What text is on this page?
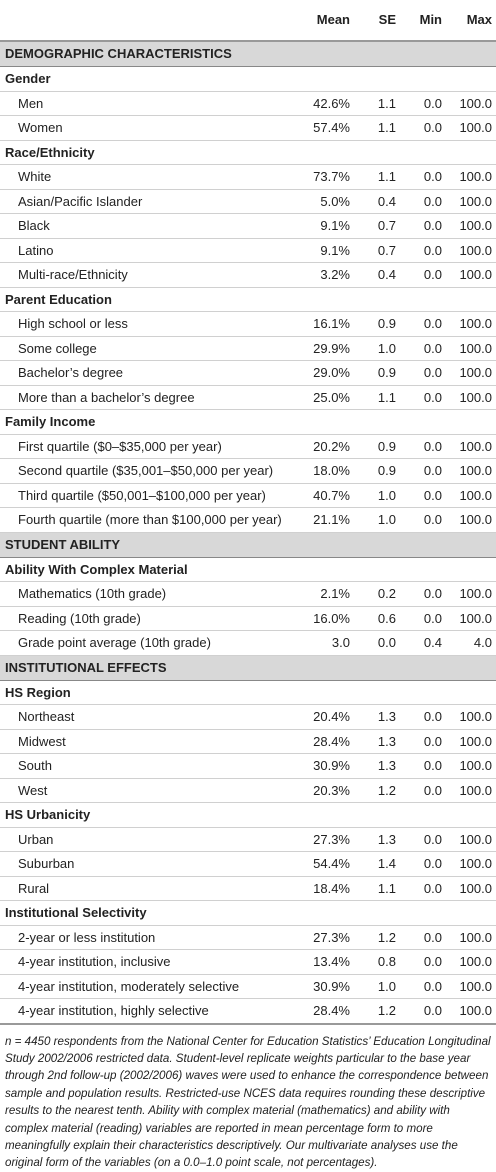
	Mean	SE	Min	Max
DEMOGRAPHIC CHARACTERISTICS				
Gender				
Men	42.6%	1.1	0.0	100.0
Women	57.4%	1.1	0.0	100.0
Race/Ethnicity				
White	73.7%	1.1	0.0	100.0
Asian/Pacific Islander	5.0%	0.4	0.0	100.0
Black	9.1%	0.7	0.0	100.0
Latino	9.1%	0.7	0.0	100.0
Multi-race/Ethnicity	3.2%	0.4	0.0	100.0
Parent Education				
High school or less	16.1%	0.9	0.0	100.0
Some college	29.9%	1.0	0.0	100.0
Bachelor’s degree	29.0%	0.9	0.0	100.0
More than a bachelor’s degree	25.0%	1.1	0.0	100.0
Family Income				
First quartile ($0–$35,000 per year)	20.2%	0.9	0.0	100.0
Second quartile ($35,001–$50,000 per year)	18.0%	0.9	0.0	100.0
Third quartile ($50,001–$100,000 per year)	40.7%	1.0	0.0	100.0
Fourth quartile (more than $100,000 per year)	21.1%	1.0	0.0	100.0
STUDENT ABILITY				
Ability With Complex Material				
Mathematics (10th grade)	2.1%	0.2	0.0	100.0
Reading (10th grade)	16.0%	0.6	0.0	100.0
Grade point average (10th grade)	3.0	0.0	0.4	4.0
INSTITUTIONAL EFFECTS				
HS Region				
Northeast	20.4%	1.3	0.0	100.0
Midwest	28.4%	1.3	0.0	100.0
South	30.9%	1.3	0.0	100.0
West	20.3%	1.2	0.0	100.0
HS Urbanicity				
Urban	27.3%	1.3	0.0	100.0
Suburban	54.4%	1.4	0.0	100.0
Rural	18.4%	1.1	0.0	100.0
Institutional Selectivity				
2-year or less institution	27.3%	1.2	0.0	100.0
4-year institution, inclusive	13.4%	0.8	0.0	100.0
4-year institution, moderately selective	30.9%	1.0	0.0	100.0
4-year institution, highly selective	28.4%	1.2	0.0	100.0
n = 4450 respondents from the National Center for Education Statistics’ Education Longitudinal Study 2002/2006 restricted data. Student-level replicate weights particular to the base year through 2nd follow-up (2002/2006) waves were used to enhance the correspondence between sample and population results. Restricted-use NCES data requires rounding these descriptive results to the nearest tenth. Ability with complex material (mathematics) and ability with complex material (reading) variables are reported in mean percentage form to more meaningfully explain their characteristics descriptively. Our multivariate analyses use the original form of the variables (on a 0.0–1.0 point scale, not percentages).
